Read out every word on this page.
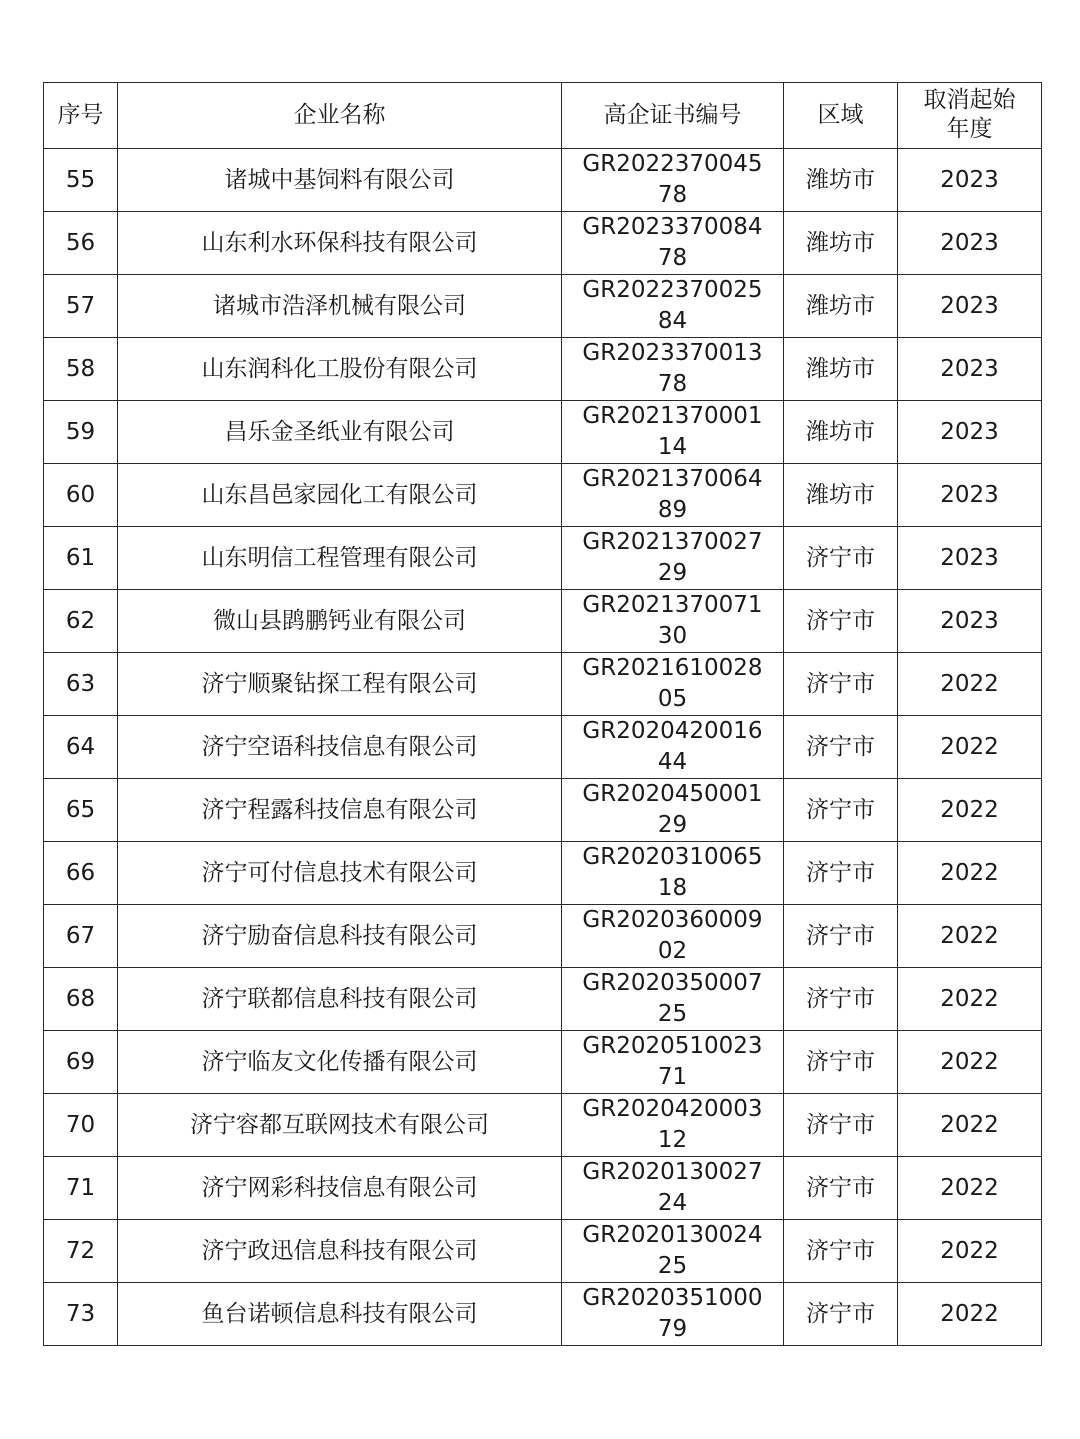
序号	企业名称	高企证书编号	区域	取消起始年度
55	诸城中基饲料有限公司	GR202237004578	潍坊市	2023
56	山东利水环保科技有限公司	GR202337008478	潍坊市	2023
57	诸城市浩泽机械有限公司	GR202237002584	潍坊市	2023
58	山东润科化工股份有限公司	GR202337001378	潍坊市	2023
59	昌乐金圣纸业有限公司	GR202137000114	潍坊市	2023
60	山东昌邑家园化工有限公司	GR202137006489	潍坊市	2023
61	山东明信工程管理有限公司	GR202137002729	济宁市	2023
62	微山县鹍鹏钙业有限公司	GR202137007130	济宁市	2023
63	济宁顺聚钻探工程有限公司	GR202161002805	济宁市	2022
64	济宁空语科技信息有限公司	GR202042001644	济宁市	2022
65	济宁程露科技信息有限公司	GR202045000129	济宁市	2022
66	济宁可付信息技术有限公司	GR202031006518	济宁市	2022
67	济宁励奋信息科技有限公司	GR202036000902	济宁市	2022
68	济宁联都信息科技有限公司	GR202035000725	济宁市	2022
69	济宁临友文化传播有限公司	GR202051002371	济宁市	2022
70	济宁容都互联网技术有限公司	GR202042000312	济宁市	2022
71	济宁网彩科技信息有限公司	GR202013002724	济宁市	2022
72	济宁政迅信息科技有限公司	GR202013002425	济宁市	2022
73	鱼台诺顿信息科技有限公司	GR202035100079	济宁市	2022
